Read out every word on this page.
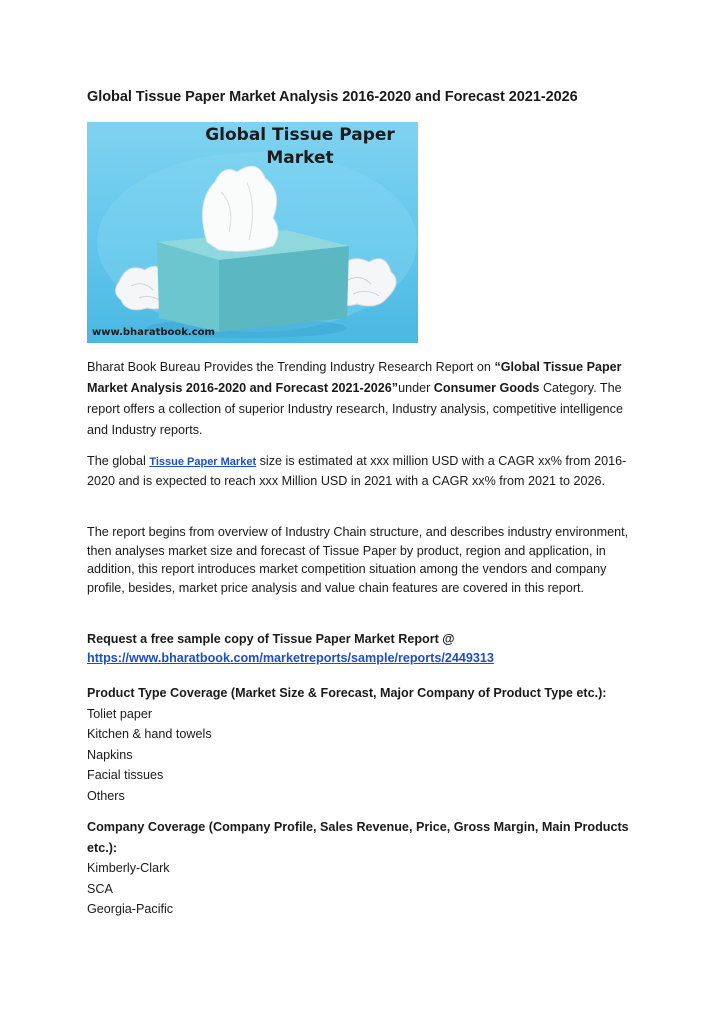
Global Tissue Paper Market Analysis 2016-2020 and Forecast 2021-2026
Global Tissue Paper
Market
www.bharatbook.com
Bharat Book Bureau Provides the Trending Industry Research Report on “Global Tissue Paper Market Analysis 2016-2020 and Forecast 2021-2026”under Consumer Goods Category. The report offers a collection of superior Industry research, Industry analysis, competitive intelligence and Industry reports.
The global Tissue Paper Market size is estimated at xxx million USD with a CAGR xx% from 2016-2020 and is expected to reach xxx Million USD in 2021 with a CAGR xx% from 2021 to 2026.
The report begins from overview of Industry Chain structure, and describes industry environment, then analyses market size and forecast of Tissue Paper by product, region and application, in addition, this report introduces market competition situation among the vendors and company profile, besides, market price analysis and value chain features are covered in this report.
Request a free sample copy of Tissue Paper Market Report @
https://www.bharatbook.com/marketreports/sample/reports/2449313
Product Type Coverage (Market Size & Forecast, Major Company of Product Type etc.):
Toliet paper
Kitchen & hand towels
Napkins
Facial tissues
Others
Company Coverage (Company Profile, Sales Revenue, Price, Gross Margin, Main Products etc.):
Kimberly-Clark
SCA
Georgia-Pacific
